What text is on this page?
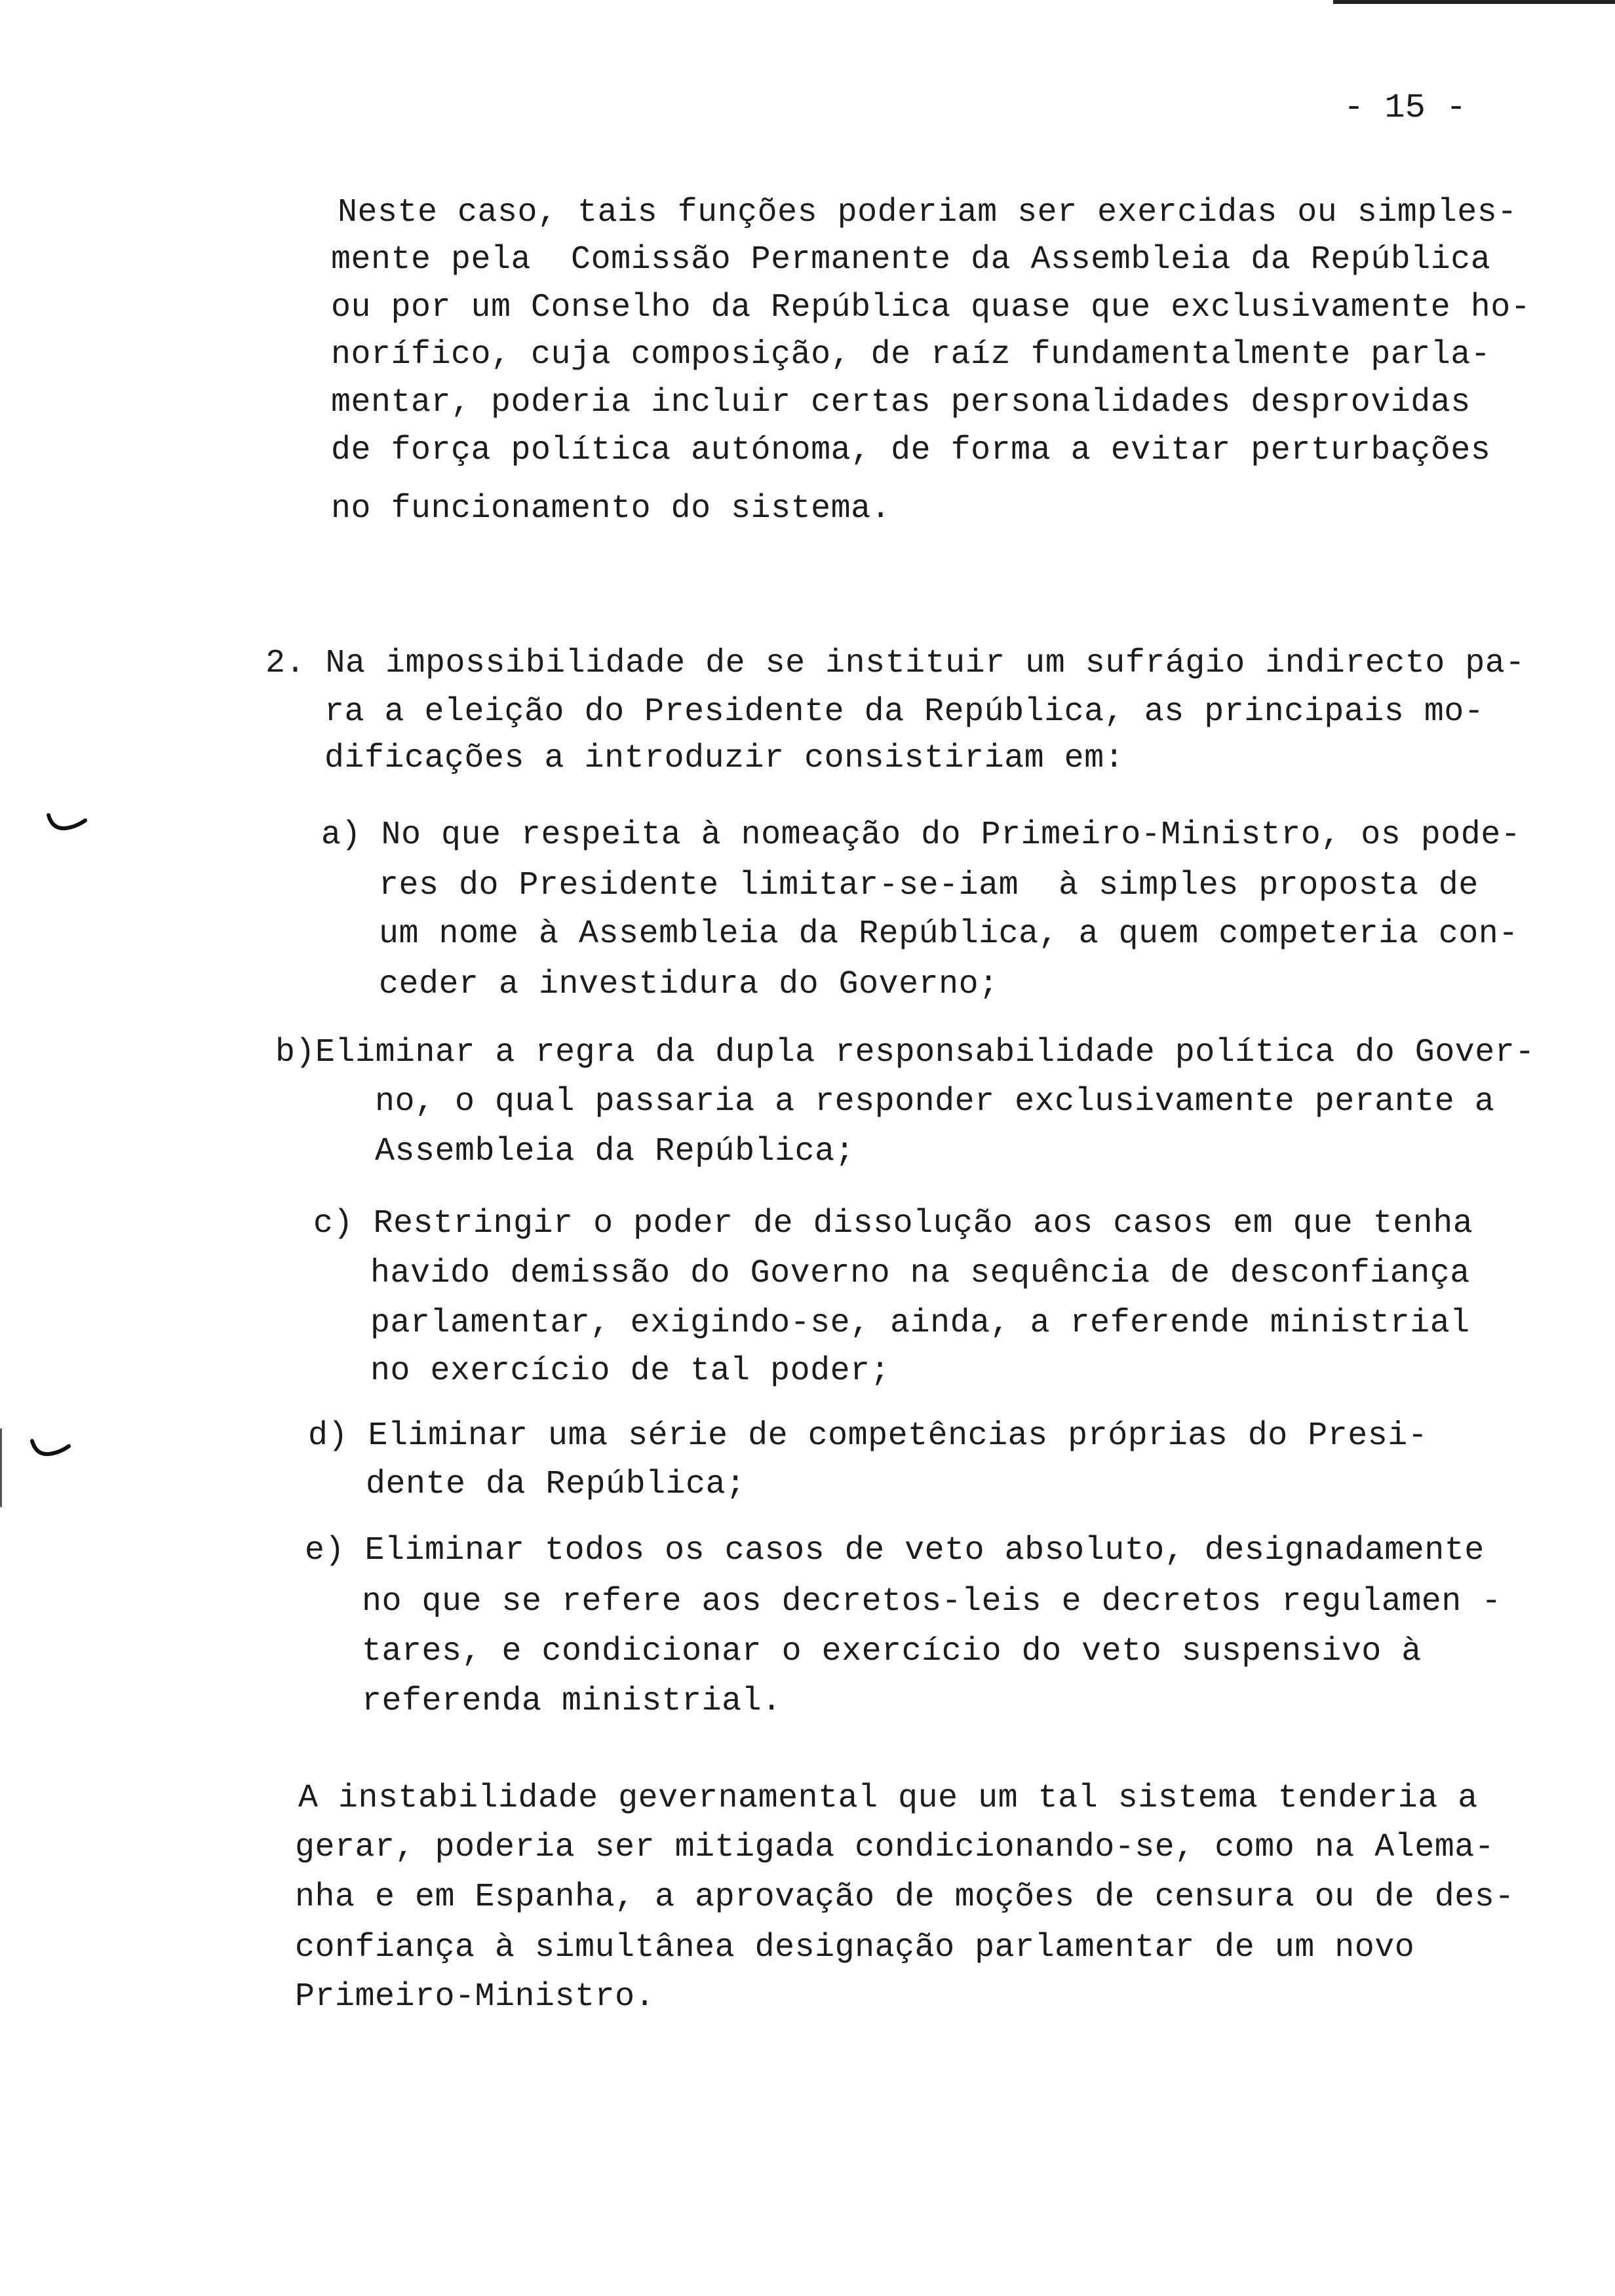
- 15 -
Neste caso, tais funções poderiam ser exercidas ou simples-
mente pela  Comissão Permanente da Assembleia da República
ou por um Conselho da República quase que exclusivamente ho-
norífico, cuja composição, de raíz fundamentalmente parla-
mentar, poderia incluir certas personalidades desprovidas
de força política autónoma, de forma a evitar perturbações
no funcionamento do sistema.
2. Na impossibilidade de se instituir um sufrágio indirecto pa-
ra a eleição do Presidente da República, as principais mo-
dificações a introduzir consistiriam em:
a) No que respeita à nomeação do Primeiro-Ministro, os pode-
res do Presidente limitar-se-iam  à simples proposta de
um nome à Assembleia da República, a quem competeria con-
ceder a investidura do Governo;
b)Eliminar a regra da dupla responsabilidade política do Gover-
no, o qual passaria a responder exclusivamente perante a
Assembleia da República;
c) Restringir o poder de dissolução aos casos em que tenha
havido demissão do Governo na sequência de desconfiança
parlamentar, exigindo-se, ainda, a referende ministrial
no exercício de tal poder;
d) Eliminar uma série de competências próprias do Presi-
dente da República;
e) Eliminar todos os casos de veto absoluto, designadamente
no que se refere aos decretos-leis e decretos regulamen -
tares, e condicionar o exercício do veto suspensivo à
referenda ministrial.
A instabilidade gevernamental que um tal sistema tenderia a
gerar, poderia ser mitigada condicionando-se, como na Alema-
nha e em Espanha, a aprovação de moções de censura ou de des-
confiança à simultânea designação parlamentar de um novo
Primeiro-Ministro.
